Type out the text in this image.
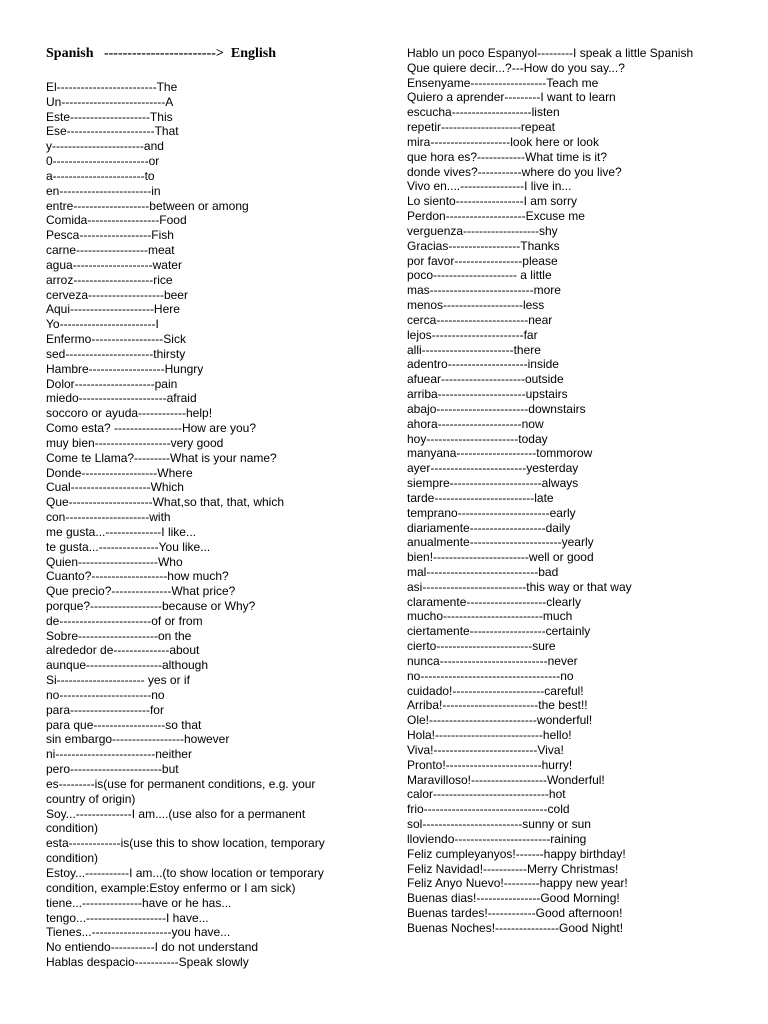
Spanish   ------------------------>  English
El-------------------------The
Un--------------------------A
Este--------------------This
Ese----------------------That
y-----------------------and
0------------------------or
a-----------------------to
en-----------------------in
entre-------------------between or among
Comida------------------Food
Pesca------------------Fish
carne------------------meat
agua--------------------water
arroz--------------------rice
cerveza-------------------beer
Aqui---------------------Here
Yo------------------------I
Enfermo------------------Sick
sed----------------------thirsty
Hambre-------------------Hungry
Dolor--------------------pain
miedo----------------------afraid
soccoro or ayuda------------help!
Como esta? -----------------How are you?
muy bien-------------------very good
Come te Llama?---------What is your name?
Donde-------------------Where
Cual--------------------Which
Que---------------------What,so that, that, which
con---------------------with
me gusta...--------------I like...
te gusta...---------------You like...
Quien--------------------Who
Cuanto?-------------------how much?
Que precio?---------------What price?
porque?------------------because or Why?
de-----------------------of or from
Sobre--------------------on the
alrededor de--------------about
aunque-------------------although
Si---------------------- yes or if
no-----------------------no
para--------------------for
para que------------------so that
sin embargo------------------however
ni-------------------------neither
pero-----------------------but
es---------is(use for permanent conditions, e.g. your country of origin)
Soy...--------------I am....(use also for a permanent condition)
esta-------------is(use this to show location, temporary condition)
Estoy...-----------I am...(to show location or temporary condition, example:Estoy enfermo or I am sick)
tiene...---------------have or he has...
tengo...--------------------I have...
Tienes...--------------------you have...
No entiendo-----------I do not understand
Hablas despacio-----------Speak slowly
Hablo un poco Espanyol---------I speak a little Spanish
Que quiere decir...?---How do you say...?
Ensenyame-------------------Teach me
Quiero a aprender---------I want to learn
escucha--------------------listen
repetir--------------------repeat
mira--------------------look here or look
que hora es?------------What time is it?
donde vives?-----------where do you live?
Vivo en....----------------I live in...
Lo siento-----------------I am sorry
Perdon--------------------Excuse me
verguenza-------------------shy
Gracias------------------Thanks
por favor-----------------please
poco--------------------- a little
mas--------------------------more
menos--------------------less
cerca-----------------------near
lejos-----------------------far
alli-----------------------there
adentro--------------------inside
afuear---------------------outside
arriba----------------------upstairs
abajo-----------------------downstairs
ahora---------------------now
hoy-----------------------today
manyana--------------------tommorow
ayer------------------------yesterday
siempre-----------------------always
tarde-------------------------late
temprano-----------------------early
diariamente-------------------daily
anualmente-----------------------yearly
bien!------------------------well or good
mal----------------------------bad
asi--------------------------this way or that way
claramente--------------------clearly
mucho-------------------------much
ciertamente-------------------certainly
cierto------------------------sure
nunca---------------------------never
no-----------------------------------no
cuidado!-----------------------careful!
Arriba!------------------------the best!!
Ole!---------------------------wonderful!
Hola!---------------------------hello!
Viva!--------------------------Viva!
Pronto!------------------------hurry!
Maravilloso!-------------------Wonderful!
calor-----------------------------hot
frio-------------------------------cold
sol-------------------------sunny or sun
lloviendo------------------------raining
Feliz cumpleyanyos!-------happy birthday!
Feliz Navidad!-----------Merry Christmas!
Feliz Anyo Nuevo!---------happy new year!
Buenas dias!----------------Good Morning!
Buenas tardes!------------Good afternoon!
Buenas Noches!----------------Good Night!
